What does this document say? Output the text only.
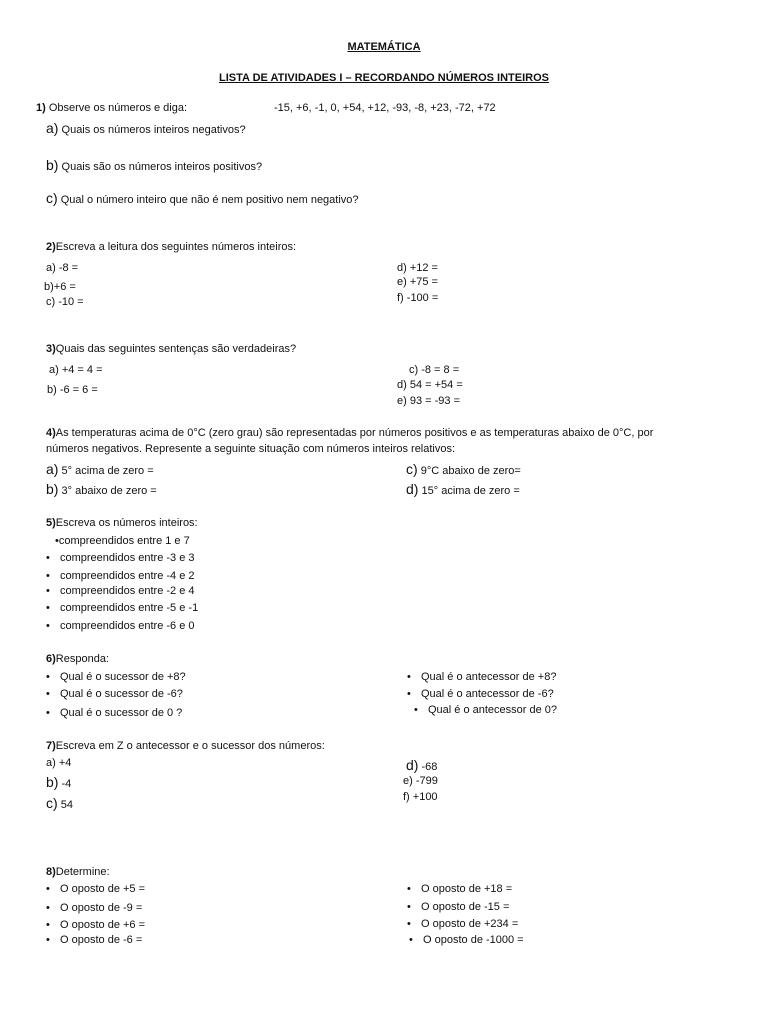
MATEMÁTICA
LISTA DE ATIVIDADES I – RECORDANDO NÚMEROS INTEIROS
1) Observe os números e diga:	-15, +6, -1, 0, +54, +12, -93, -8, +23, -72, +72
a) Quais os números inteiros negativos?
b) Quais são os números inteiros positivos?
c) Qual o número inteiro que não é nem positivo nem negativo?
2)Escreva a leitura dos seguintes números inteiros:
a) -8 =
b)+6 =
c) -10 =
d) +12 =
e) +75 =
f) -100 =
3)Quais das seguintes sentenças são verdadeiras?
a) +4 = 4 =
b) -6 = 6 =
c) -8 = 8 =
d) 54 = +54 =
e) 93 = -93 =
4)As temperaturas acima de 0°C (zero grau) são representadas por números positivos e as temperaturas abaixo de 0°C, por
números negativos. Represente a seguinte situação com números inteiros relativos:
a) 5° acima de zero =
b) 3° abaixo de zero =
c) 9°C abaixo de zero=
d) 15° acima de zero =
5)Escreva os números inteiros:
•compreendidos entre 1 e 7
• compreendidos entre -3 e 3
• compreendidos entre -4 e 2
• compreendidos entre -2 e 4
• compreendidos entre -5 e -1
• compreendidos entre -6 e 0
6)Responda:
• Qual é o sucessor de +8?
• Qual é o sucessor de -6?
• Qual é o sucessor de 0 ?
• Qual é o antecessor de +8?
• Qual é o antecessor de -6?
• Qual é o antecessor de 0?
7)Escreva em Z o antecessor e o sucessor dos números:
a) +4
b) -4
c) 54
d) -68
e) -799
f) +100
8)Determine:
• O oposto de +5 =
• O oposto de -9 =
• O oposto de +6 =
• O oposto de -6 =
• O oposto de +18 =
• O oposto de -15 =
• O oposto de +234 =
• O oposto de -1000 =
